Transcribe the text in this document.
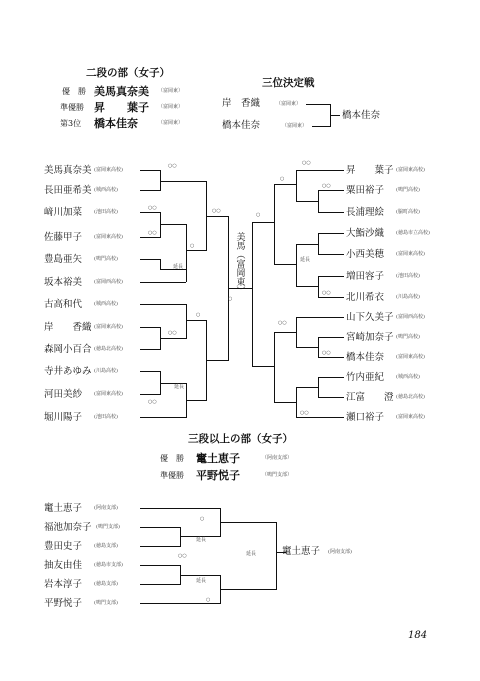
二段の部（女子）
優　勝 美馬真奈美 （富岡東）
準優勝 昇　　葉子 （富岡東）
第3位 橋本佳奈	（富岡東）
三位決定戦
岸　香織	（富岡東）
橋本佳奈	（富岡東）
橋本佳奈
美馬真奈美 (富岡東高校)
長田亜希美 (城西高校)
﨑川加菜 (池田高校)
佐藤甲子 (富岡東高校)
豊島亜矢 (鳴門高校)
坂本裕美 (富岡西高校)
古高和代 (城西高校)
岸　　香織 (富岡東高校)
森岡小百合 (徳島北高校)
寺井あゆみ (川島高校)
河田美紗 (富岡東高校)
堀川陽子 (池田高校)
美馬（富岡東）
延長
延長
昇　　葉子 (富岡東高校)
粟田裕子 (鳴門高校)
長浦理絵 (脇町高校)
大鮨沙織 (徳島市立高校)
小西美穂 (富岡東高校)
増田容子 (池田高校)
北川希衣 (川島高校)
山下久美子 (富岡西高校)
宮崎加奈子 (鳴門高校)
橋本佳奈 (富岡東高校)
竹内亜紀 (城西高校)
江富　　澄 (徳島北高校)
瀬口裕子 (富岡東高校)
延長
○○
○○
○○
○
○○
○
○
○○
○○
○○
○○
○
○
○○
○○
○○
○○
三段以上の部（女子）
優　勝 竃土恵子	（阿南支部）
準優勝 平野悦子	（鳴門支部）
竃土恵子 (阿南支部)
福池加奈子 (鳴門支部)
豊田史子 (徳島支部)
抽友由佳 (徳島市支部)
岩本淳子 (徳島支部)
平野悦子 (鳴門支部)
竃土恵子 (阿南支部)
延長
延長
延長
○
○○
○
184
